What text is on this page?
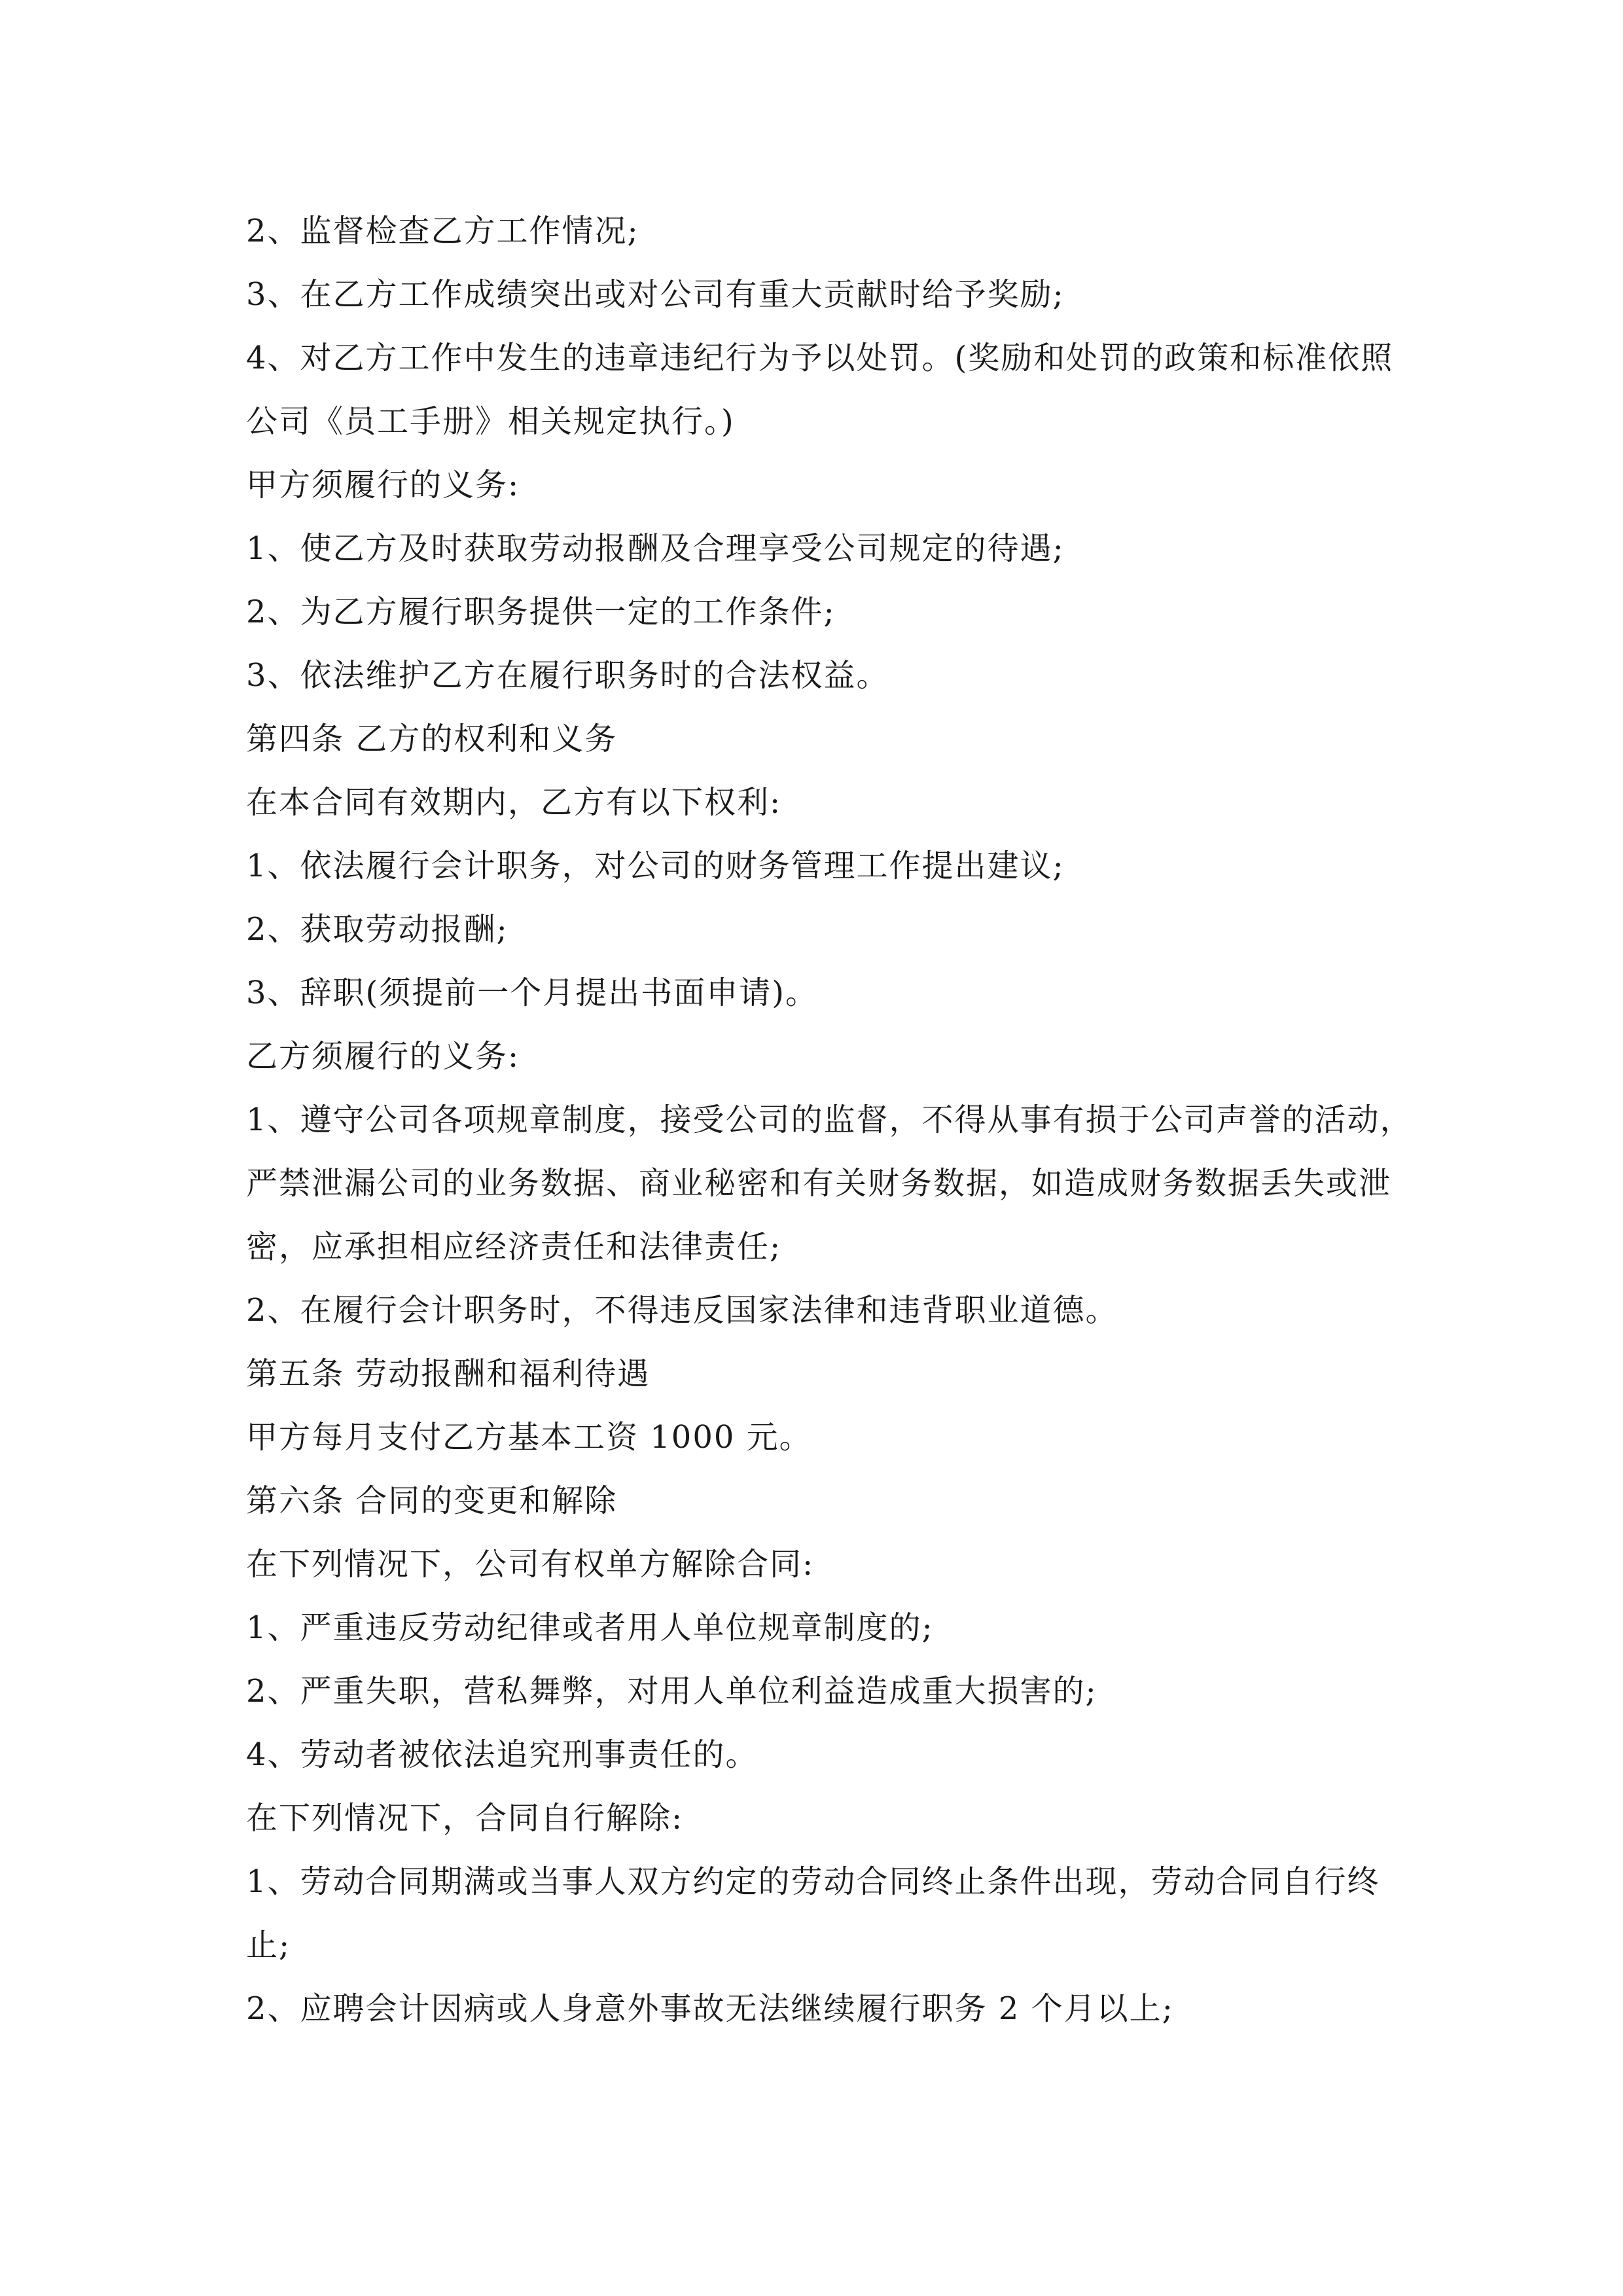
2、监督检查乙方工作情况;
3、在乙方工作成绩突出或对公司有重大贡献时给予奖励;
4、对乙方工作中发生的违章违纪行为予以处罚。(奖励和处罚的政策和标准依照
公司《员工手册》相关规定执行。)
甲方须履行的义务:
1、使乙方及时获取劳动报酬及合理享受公司规定的待遇;
2、为乙方履行职务提供一定的工作条件;
3、依法维护乙方在履行职务时的合法权益。
第四条 乙方的权利和义务
在本合同有效期内，乙方有以下权利:
1、依法履行会计职务，对公司的财务管理工作提出建议;
2、获取劳动报酬;
3、辞职(须提前一个月提出书面申请)。
乙方须履行的义务:
1、遵守公司各项规章制度，接受公司的监督，不得从事有损于公司声誉的活动，
严禁泄漏公司的业务数据、商业秘密和有关财务数据，如造成财务数据丢失或泄
密，应承担相应经济责任和法律责任;
2、在履行会计职务时，不得违反国家法律和违背职业道德。
第五条 劳动报酬和福利待遇
甲方每月支付乙方基本工资 1000 元。
第六条 合同的变更和解除
在下列情况下，公司有权单方解除合同:
1、严重违反劳动纪律或者用人单位规章制度的;
2、严重失职，营私舞弊，对用人单位利益造成重大损害的;
4、劳动者被依法追究刑事责任的。
在下列情况下，合同自行解除:
1、劳动合同期满或当事人双方约定的劳动合同终止条件出现，劳动合同自行终
止;
2、应聘会计因病或人身意外事故无法继续履行职务 2 个月以上;
